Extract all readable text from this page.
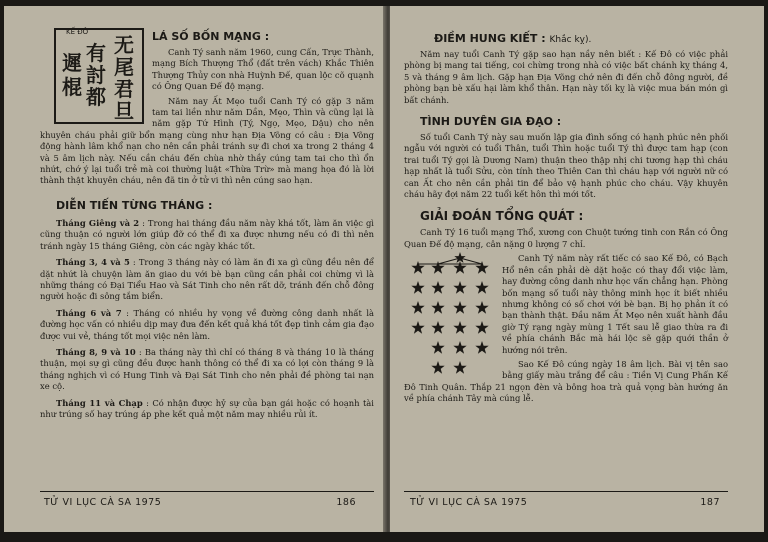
KẾ ĐÔ
无
尾
君
旦
有
討
都
遲
棍

LÁ SỐ BỐN MẠNG :

Canh Tý sanh năm 1960, cung Cấn, Trực Thành, mạng Bích Thượng Thổ (đất trên vách) Khắc Thiên Thượng Thủy con nhà Huỳnh Đế, quan lộc cõ quạnh có Ông Quan Đế độ mạng.

Năm nay Ất Mẹo tuổi Canh Tý có gặp 3 năm tam tai liền như năm Dần, Mẹo, Thìn và cũng lại là năm gặp Tứ Hình (Tý, Ngọ, Mẹo, Dậu) cho nên khuyên cháu phải giữ bổn mạng cùng như hạn Địa Võng có câu : Địa Võng động hành lâm khổ nạn cho nên cần phải tránh sự đi chơi xa trong 2 tháng 4 và 5 âm lịch này. Nếu cần cháu đến chùa nhờ thầy cúng tam tai cho thì ổn nhứt, chớ ý lại tuổi trẻ mà coi thường luật «Thừa Trừ» mà mang họa đó là lời thành thật khuyên cháu, nên đã tin ở tử vi thì nên cúng sao hạn.

DIỄN TIẾN TỪNG THÁNG :

Tháng Giêng và 2 : Trong hai tháng đầu năm này khá tốt, làm ăn việc gì cũng thuận có người lớn giúp đỡ có thể đi xa được nhưng nếu có đi thì nên tránh ngày 15 tháng Giêng, còn các ngày khác tốt.

Tháng 3, 4 và 5 : Trong 3 tháng này có làm ăn đi xa gì cũng đều nên để dặt nhứt là chuyện làm ăn giao du với bè bạn cũng cần phải coi chừng vì là những tháng có Đại Tiểu Hao và Sát Tinh cho nên rất dỡ, tránh đến chỗ đông người hoặc đi sông tắm biển.

Tháng 6 và 7 : Tháng có nhiều hy vọng về đường công danh nhất là đường học vấn có nhiều dịp may đưa đến kết quả khá tốt đẹp tình cảm gia đạo được vui vẻ, tháng tốt mọi việc nên làm.

Tháng 8, 9 và 10 : Ba tháng này thì chỉ có tháng 8 và tháng 10 là tháng thuận, mọi sự gì cũng đều được hanh thông có thể đi xa có lợi còn tháng 9 là tháng nghịch vì có Hung Tinh và Đại Sát Tinh cho nên phải đề phòng tai nạn xe cộ.

Tháng 11 và Chạp : Có nhận được hỷ sự của bạn gái hoặc có hoạnh tài như trúng số hay trúng áp phe kết quả một năm may nhiều rủi ít.

TỬ VI LỤC CÀ SA 1975	186

ĐIỀM HUNG KIẾT : Khắc kỵ).

Năm nay tuổi Canh Tý gặp sao hạn nầy nên biết : Kế Đô có việc phải phòng bị mang tai tiếng, coi chừng trong nhà có việc bất chánh kỵ tháng 4, 5 và tháng 9 âm lịch. Gặp hạn Địa Võng chớ nên đi đến chỗ đông người, đề phòng bạn bè xấu hại làm khổ thân. Hạn này tối kỵ là việc mua bán món gì bất chánh.

TÌNH DUYÊN GIA ĐẠO :

Số tuổi Canh Tý này sau muốn lập gia đình sống có hạnh phúc nên phối ngẫu với người có tuổi Thân, tuổi Thìn hoặc tuổi Tý thì được tam hạp (con trai tuổi Tý gọi là Dương Nam) thuận theo thập nhị chi tương hạp thì cháu hạp nhất là tuổi Sửu, còn tính theo Thiên Can thì cháu hạp với người nữ có can Ất cho nên cần phải tin để bảo vệ hạnh phúc cho cháu. Vậy khuyên cháu hãy đợi năm 22 tuổi kết hôn thì mới tốt.

GIẢI ĐOÁN TỔNG QUÁT :

Canh Tý 16 tuổi mạng Thổ, xương con Chuột tướng tinh con Rắn có Ông Quan Đế độ mạng, cân nặng 0 lượng 7 chỉ.

Canh Tý năm này rất tiếc có sao Kế Đô, có Bạch Hổ nên cần phải dè dặt hoặc có thay đổi việc làm, hay đường công danh như học vấn chẳng hạn. Phòng bốn mạng số tuổi này thông minh học ít biết nhiều nhưng không có số chơi với bè bạn. Bị họ phản ít có bạn thành thật. Đầu năm Ất Mẹo nên xuất hành đầu giờ Tý rạng ngày mùng 1 Tết sau lễ giao thừa ra đi về phía chánh Bắc mà hái lộc sẽ gặp quới thần ở hướng nói trên.

Sao Kế Đô cúng ngày 18 âm lịch. Bài vị tên sao bằng giấy màu trắng để câu : Tiền Vị Cung Phấn Kế Đô Tinh Quân. Thắp 21 ngọn đèn và bông hoa trà quả vọng bàn hướng ăn về phía chánh Tây mà cúng lễ.

TỬ VI LỤC CÀ SA 1975	187
